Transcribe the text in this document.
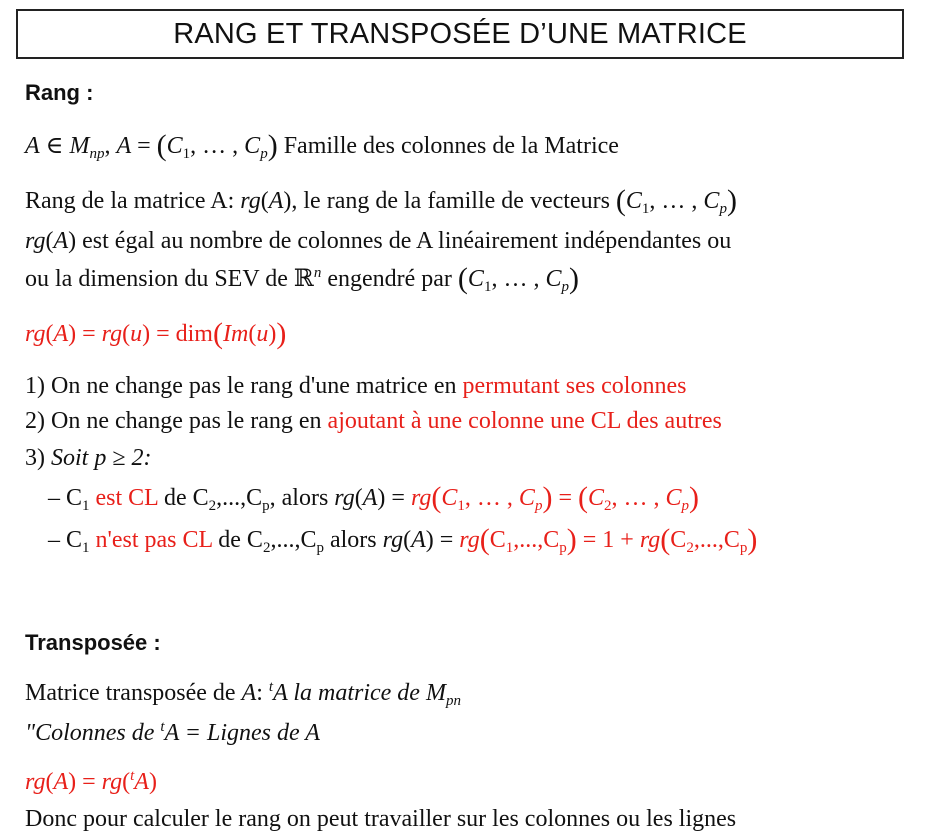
RANG ET TRANSPOSÉE D’UNE MATRICE
Rang :
A ∈ $M_{np}$, $A = (C_1$, … , $C_p$) Famille des colonnes de la Matrice
Rang de la matrice A: rg(A), le rang de la famille de vecteurs ($C_1$, … , $C_p$)
rg(A) est égal au nombre de colonnes de A linéairement indépendantes ou
ou la dimension du SEV de ℝ$^n$ engendré par ($C_1$, … , $C_p$)
rg(A) = rg(u) = dim(Im(u))
1) On ne change pas le rang d'une matrice en permutant ses colonnes
2) On ne change pas le rang en ajoutant à une colonne une CL des autres
3) Soit p ≥ 2:
– $C_1$ est CL de $C_2,...,C_p$, alors $rg(A) = rg(C_1$, … , $C_p) = (C_2$, … , $C_p$)
– $C_1$ n'est pas CL de $C_2,...,C_p$ alors $rg(A) = rg(C_1,...,C_p) = 1 + rg(C_2,...,C_p)$
Transposée :
Matrice transposée de A: $^t$A la matrice de $M_{pn}$
"Colonnes de $^t$A = Lignes de A
rg(A) = rg($^t$A)
Donc pour calculer le rang on peut travailler sur les colonnes ou les lignes
